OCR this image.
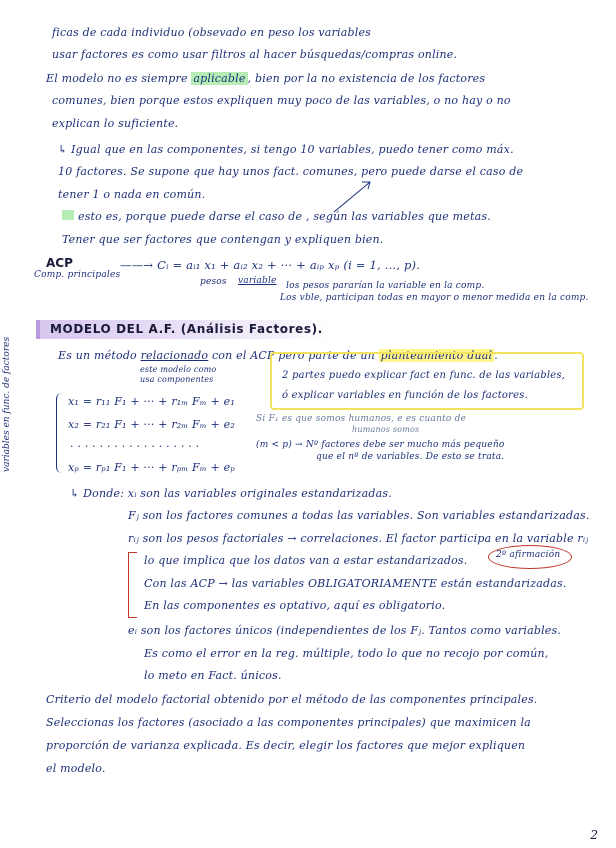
ficas de cada individuo (obsevado en peso los variables
usar factores es como usar filtros al hacer búsquedas/compras online.
El modelo no es siempre aplicable , bien por la no existencia de los factores
comunes, bien porque estos expliquen muy poco de las variables, o no hay o no
explican lo suficiente.
↳ Igual que en las componentes, si tengo 10 variables, puedo tener como máx.
10 factores. Se supone que hay unos fact. comunes, pero puede darse el caso de
tener 1 o nada en común.
esto es, porque puede darse el caso de , según las variables que metas.
Tener que ser factores que contengan y expliquen bien.
ACP
Comp. principales
——→ Cᵢ = aᵢ₁ x₁ + aᵢ₂ x₂ + ··· + aᵢₚ xₚ (i = 1, ..., p).
pesos variable los pesos pararían la variable en la comp.
Los vble, participan todas en mayor o menor medida en la comp.
MODELO DEL A.F. (Análisis Factores).
Es un método relacionado con el ACP pero parte de un planteamiento dual .
este modelo como
usa componentes	2 partes puedo explicar fact en func. de las variables,
ó explicar variables en función de los factores.
variables en func. de factores	x₁ = r₁₁ F₁ + ··· + r₁ₘ Fₘ + e₁
x₂ = r₂₁ F₁ + ··· + r₂ₘ Fₘ + e₂
· · · · · · · · · · · · · · · · · ·
xₚ = rₚ₁ F₁ + ··· + rₚₘ Fₘ + eₚ
Si F₁ es que somos humanos, e es cuanto de
humanos somos
(m < p) → Nº factores debe ser mucho más pequeño
que el nº de variables. De esto se trata.
↳ Donde: xᵢ son las variables originales estandarizadas.
Fⱼ son los factores comunes a todas las variables. Son variables estandarizadas.
rᵢⱼ son los pesos factoriales → correlaciones. El factor participa en la variable rᵢⱼ
lo que implica que los datos van a estar estandarizados.	2º afirmación
Con las ACP → las variables OBLIGATORIAMENTE están estandarizadas.
En las componentes es optativo, aquí es obligatorio.
eᵢ son los factores únicos (independientes de los Fⱼ. Tantos como variables.
Es como el error en la reg. múltiple, todo lo que no recojo por común,
lo meto en Fact. únicos.
Criterio del modelo factorial obtenido por el método de las componentes principales.
Seleccionas los factores (asociado a las componentes principales) que maximicen la
proporción de varianza explicada. Es decir, elegir los factores que mejor expliquen
el modelo.
2
